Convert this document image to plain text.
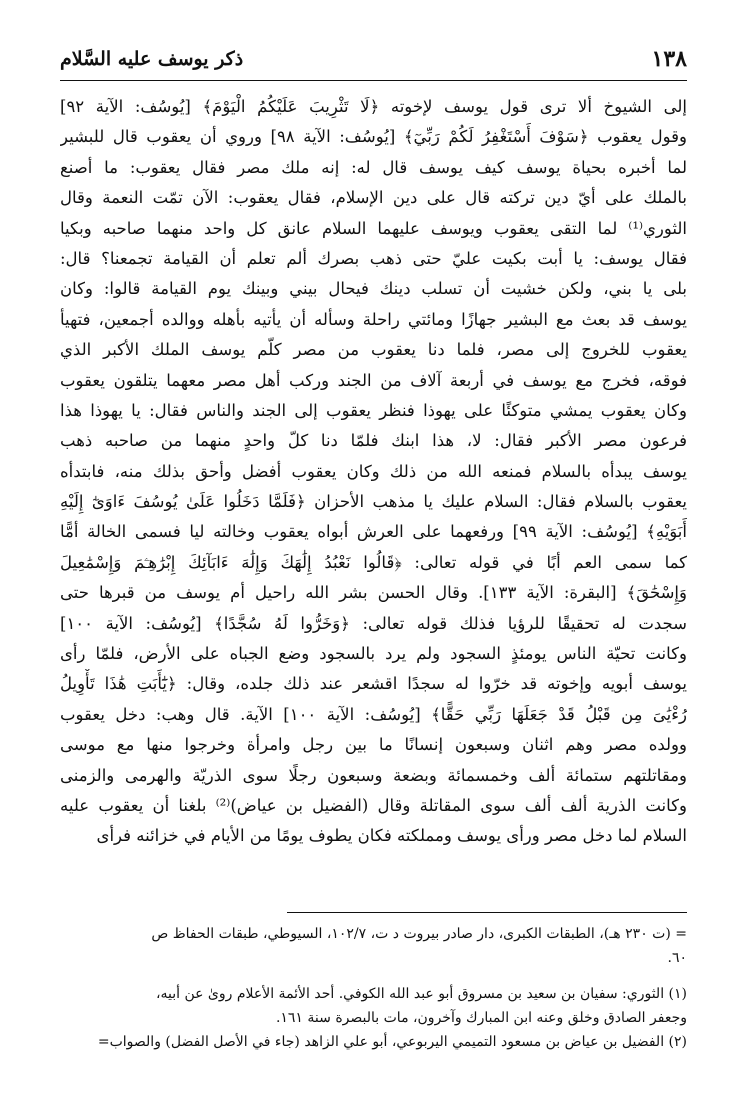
١٣٨
ذكر يوسف عليه السَّلام
إلى الشيوخ ألا ترى قول يوسف لإخوته ﴿لَا تَثْرِيبَ عَلَيْكُمُ الْيَوْمَ﴾ [يُوسُف: الآية ٩٢]
وقول يعقوب ﴿سَوْفَ أَسْتَغْفِرُ لَكُمْ رَبِّيٓ﴾ [يُوسُف: الآية ٩٨] وروي أن يعقوب قال للبشير
لما أخبره بحياة يوسف كيف يوسف قال له: إنه ملك مصر فقال يعقوب: ما أصنع
بالملك على أيّ دين تركته قال على دين الإسلام، فقال يعقوب: الآن تمّت النعمة وقال
الثوري⁽¹⁾ لما التقى يعقوب ويوسف عليهما السلام عانق كل واحد منهما صاحبه وبكيا
فقال يوسف: يا أبت بكيت عليّ حتى ذهب بصرك ألم تعلم أن القيامة تجمعنا؟ قال:
بلى يا بني، ولكن خشيت أن تسلب دينك فيحال بيني وبينك يوم القيامة قالوا: وكان
يوسف قد بعث مع البشير جهازًا ومائتي راحلة وسأله أن يأتيه بأهله ووالده أجمعين، فتهيأ
يعقوب للخروج إلى مصر، فلما دنا يعقوب من مصر كلّم يوسف الملك الأكبر الذي
فوقه، فخرج مع يوسف في أربعة آلاف من الجند وركب أهل مصر معهما يتلقون يعقوب
وكان يعقوب يمشي متوكئًا على يهوذا فنظر يعقوب إلى الجند والناس فقال: يا يهوذا هذا
فرعون مصر الأكبر فقال: لا، هذا ابنك فلمّا دنا كلّ واحدٍ منهما من صاحبه ذهب
يوسف يبدأه بالسلام فمنعه الله من ذلك وكان يعقوب أفضل وأحق بذلك منه، فابتدأه
يعقوب بالسلام فقال: السلام عليك يا مذهب الأحزان ﴿فَلَمَّا دَخَلُوا عَلَىٰ يُوسُفَ ءَاوَىٰٓ إِلَيْهِ
أَبَوَيْهِ﴾ [يُوسُف: الآية ٩٩] ورفعهما على العرش أبواه يعقوب وخالته ليا فسمى الخالة أمًّا
كما سمى العم أبًا في قوله تعالى: ﴿قَالُوا نَعْبُدُ إِلَٰهَكَ وَإِلَٰهَ ءَابَآئِكَ إِبْرَٰهِـۧمَ وَإِسْمَٰعِيلَ
وَإِسْحَٰقَ﴾ [البقرة: الآية ١٣٣]. وقال الحسن بشر الله راحيل أم يوسف من قبرها حتى
سجدت له تحقيقًا للرؤيا فذلك قوله تعالى: ﴿وَخَرُّوا لَهُ سُجَّدًا﴾ [يُوسُف: الآية ١٠٠]
وكانت تحيّة الناس يومئذٍ السجود ولم يرد بالسجود وضع الجباه على الأرض، فلمّا رأى
يوسف أبويه وإخوته قد خرّوا له سجدًا اقشعر عند ذلك جلده، وقال: ﴿يَٰٓأَبَتِ هَٰذَا تَأْوِيلُ
رُءْيَٰىَ مِن قَبْلُ قَدْ جَعَلَهَا رَبِّي حَقًّا﴾ [يُوسُف: الآية ١٠٠] الآية. قال وهب: دخل يعقوب
وولده مصر وهم اثنان وسبعون إنسانًا ما بين رجل وامرأة وخرجوا منها مع موسى
ومقاتلتهم ستمائة ألف وخمسمائة وبضعة وسبعون رجلًا سوى الذريّة والهرمى والزمنى
وكانت الذرية ألف ألف سوى المقاتلة وقال (الفضيل بن عياض)⁽²⁾ بلغنا أن يعقوب عليه
السلام لما دخل مصر ورأى يوسف ومملكته فكان يطوف يومًا من الأيام في خزائنه فرأى
= (ت ٢٣٠ هـ)، الطبقات الكبرى، دار صادر بيروت د ت، ١٠٢/٧، السيوطي، طبقات الحفاظ ص
٦٠.
(١) الثوري: سفيان بن سعيد بن مسروق أبو عبد الله الكوفي. أحد الأئمة الأعلام روىٰ عن أبيه،
وجعفر الصادق وخلق وعنه ابن المبارك وآخرون، مات بالبصرة سنة ١٦١.
(٢) الفضيل بن عياض بن مسعود التميمي اليربوعي، أبو علي الزاهد (جاء في الأصل الفضل) والصواب=
